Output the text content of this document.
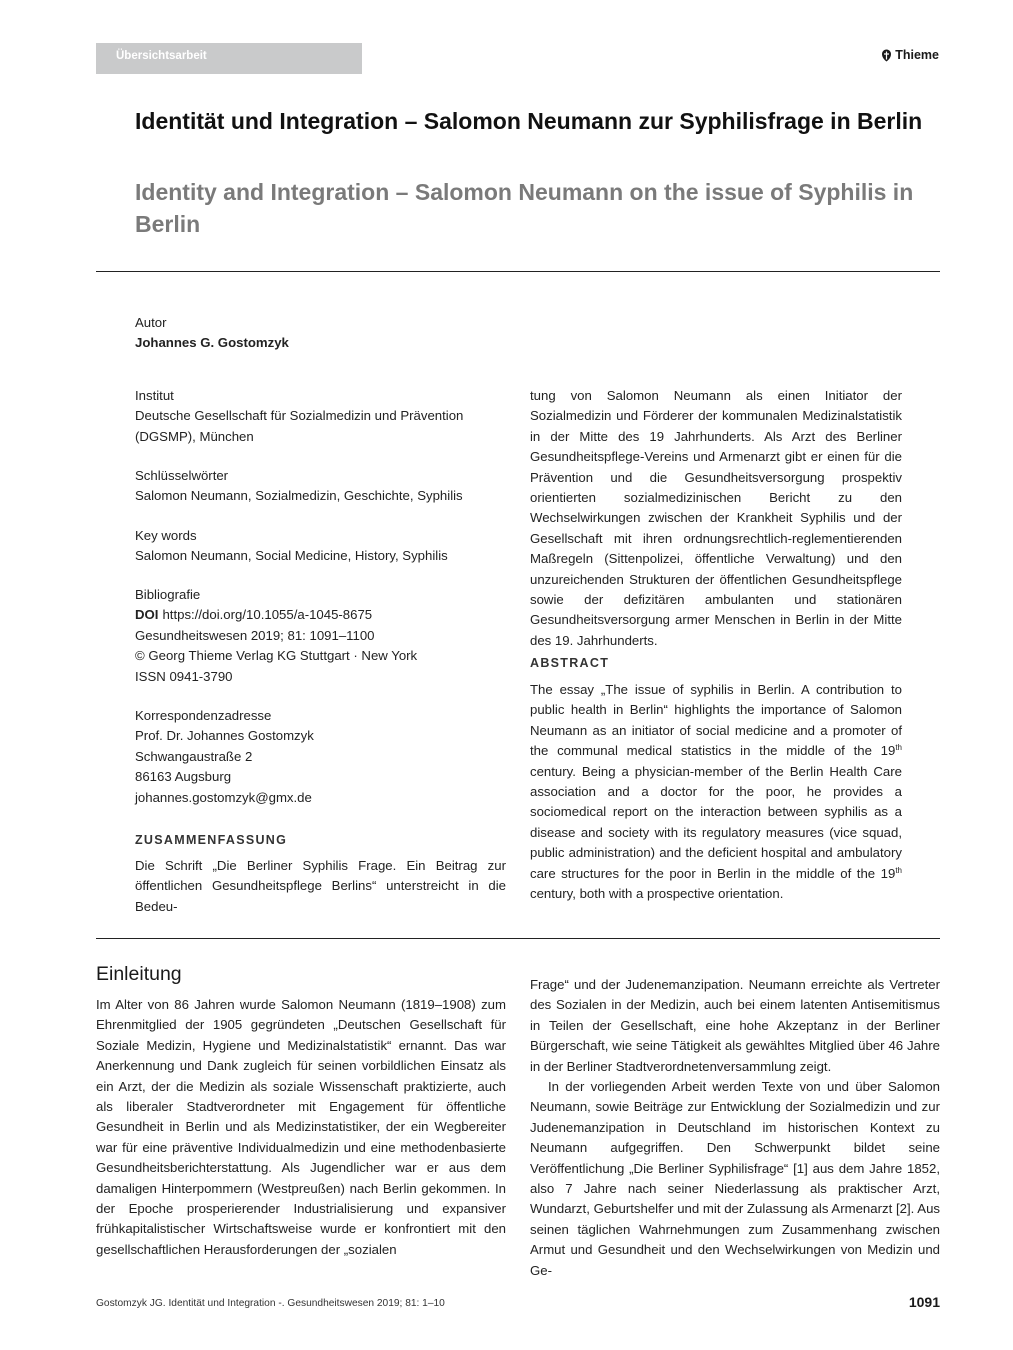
Übersichtsarbeit	Thieme
Identität und Integration – Salomon Neumann zur Syphilisfrage in Berlin
Identity and Integration – Salomon Neumann on the issue of Syphilis in Berlin
Autor
Johannes G. Gostomzyk
Institut
Deutsche Gesellschaft für Sozialmedizin und Prävention
(DGSMP), München
Schlüsselwörter
Salomon Neumann, Sozialmedizin, Geschichte, Syphilis
Key words
Salomon Neumann, Social Medicine, History, Syphilis
Bibliografie
DOI https://doi.org/10.1055/a-1045-8675
Gesundheitswesen 2019; 81: 1091–1100
© Georg Thieme Verlag KG Stuttgart · New York
ISSN 0941-3790
Korrespondenzadresse
Prof. Dr. Johannes Gostomzyk
Schwangaustraße 2
86163 Augsburg
johannes.gostomzyk@gmx.de
ZUSAMMENFASSUNG
Die Schrift „Die Berliner Syphilis Frage. Ein Beitrag zur öffentlichen Gesundheitspflege Berlins“ unterstreicht in die Bedeu-
tung von Salomon Neumann als einen Initiator der Sozialmedizin und Förderer der kommunalen Medizinalstatistik in der Mitte des 19 Jahrhunderts. Als Arzt des Berliner Gesundheitspflege-Vereins und Armenarzt gibt er einen für die Prävention und die Gesundheitsversorgung prospektiv orientierten sozialmedizinischen Bericht zu den Wechselwirkungen zwischen der Krankheit Syphilis und der Gesellschaft mit ihren ordnungsrechtlich-reglementierenden Maßregeln (Sittenpolizei, öffentliche Verwaltung) und den unzureichenden Strukturen der öffentlichen Gesundheitspflege sowie der defizitären ambulanten und stationären Gesundheitsversorgung armer Menschen in Berlin in der Mitte des 19. Jahrhunderts.
ABSTRACT
The essay „The issue of syphilis in Berlin. A contribution to public health in Berlin“ highlights the importance of Salomon Neumann as an initiator of social medicine and a promoter of the communal medical statistics in the middle of the 19th century. Being a physician-member of the Berlin Health Care association and a doctor for the poor, he provides a sociomedical report on the interaction between syphilis as a disease and society with its regulatory measures (vice squad, public administration) and the deficient hospital and ambulatory care structures for the poor in Berlin in the middle of the 19th century, both with a prospective orientation.
Einleitung
Im Alter von 86 Jahren wurde Salomon Neumann (1819–1908) zum Ehrenmitglied der 1905 gegründeten „Deutschen Gesellschaft für Soziale Medizin, Hygiene und Medizinalstatistik“ ernannt. Das war Anerkennung und Dank zugleich für seinen vorbildlichen Einsatz als ein Arzt, der die Medizin als soziale Wissenschaft praktizierte, auch als liberaler Stadtverordneter mit Engagement für öffentliche Gesundheit in Berlin und als Medizinstatistiker, der ein Wegbereiter war für eine präventive Individualmedizin und eine methodenbasierte Gesundheitsberichterstattung. Als Jugendlicher war er aus dem damaligen Hinterpommern (Westpreußen) nach Berlin gekommen. In der Epoche prosperierender Industrialisierung und expansiver frühkapitalistischer Wirtschaftsweise wurde er konfrontiert mit den gesellschaftlichen Herausforderungen der „sozialen
Frage“ und der Judenemanzipation. Neumann erreichte als Vertreter des Sozialen in der Medizin, auch bei einem latenten Antisemitismus in Teilen der Gesellschaft, eine hohe Akzeptanz in der Berliner Bürgerschaft, wie seine Tätigkeit als gewähltes Mitglied über 46 Jahre in der Berliner Stadtverordnetenversammlung zeigt.
In der vorliegenden Arbeit werden Texte von und über Salomon Neumann, sowie Beiträge zur Entwicklung der Sozialmedizin und zur Judenemanzipation in Deutschland im historischen Kontext zu Neumann aufgegriffen. Den Schwerpunkt bildet seine Veröffentlichung „Die Berliner Syphilisfrage“ [1] aus dem Jahre 1852, also 7 Jahre nach seiner Niederlassung als praktischer Arzt, Wundarzt, Geburtshelfer und mit der Zulassung als Armenarzt [2]. Aus seinen täglichen Wahrnehmungen zum Zusammenhang zwischen Armut und Gesundheit und den Wechselwirkungen von Medizin und Ge-
Gostomzyk JG. Identität und Integration -. Gesundheitswesen 2019; 81: 1–10	1091
